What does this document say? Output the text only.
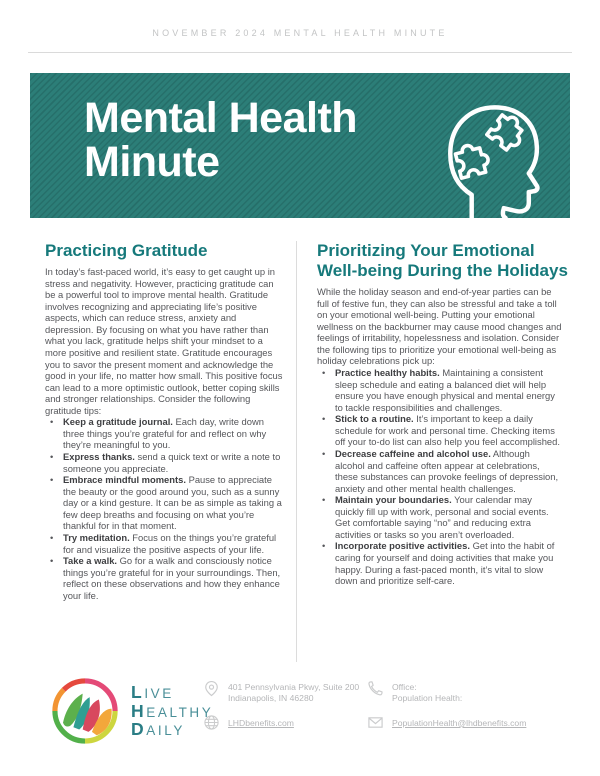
NOVEMBER 2024 MENTAL HEALTH MINUTE
Mental Health
Minute
Practicing Gratitude

In today’s fast-paced world, it’s easy to get caught up in stress and negativity. However, practicing gratitude can be a powerful tool to improve mental health. Gratitude involves recognizing and appreciating life’s positive aspects, which can reduce stress, anxiety and depression. By focusing on what you have rather than what you lack, gratitude helps shift your mindset to a more positive and resilient state. Gratitude encourages you to savor the present moment and acknowledge the good in your life, no matter how small. This positive focus can lead to a more optimistic outlook, better coping skills and stronger relationships. Consider the following gratitude tips:

• Keep a gratitude journal. Each day, write down three things you’re grateful for and reflect on why they’re meaningful to you.
• Express thanks. send a quick text or write a note to someone you appreciate.
• Embrace mindful moments. Pause to appreciate the beauty or the good around you, such as a sunny day or a kind gesture. It can be as simple as taking a few deep breaths and focusing on what you’re thankful for in that moment.
• Try meditation. Focus on the things you’re grateful for and visualize the positive aspects of your life.
• Take a walk. Go for a walk and consciously notice things you’re grateful for in your surroundings. Then, reflect on these observations and how they enhance your life.
Prioritizing Your Emotional Well-being During the Holidays

While the holiday season and end-of-year parties can be full of festive fun, they can also be stressful and take a toll on your emotional well-being. Putting your emotional wellness on the backburner may cause mood changes and feelings of irritability, hopelessness and isolation. Consider the following tips to prioritize your emotional well-being as holiday celebrations pick up:

• Practice healthy habits. Maintaining a consistent sleep schedule and eating a balanced diet will help ensure you have enough physical and mental energy to tackle responsibilities and challenges.
• Stick to a routine. It’s important to keep a daily schedule for work and personal time. Checking items off your to-do list can also help you feel accomplished.
• Decrease caffeine and alcohol use. Although alcohol and caffeine often appear at celebrations, these substances can provoke feelings of depression, anxiety and other mental health challenges.
• Maintain your boundaries. Your calendar may quickly fill up with work, personal and social events. Get comfortable saying “no” and reducing extra activities or tasks so you aren’t overloaded.
• Incorporate positive activities. Get into the habit of caring for yourself and doing activities that make you happy. During a fast-paced month, it’s vital to slow down and prioritize self-care.
LIVE
HEALTHY
DAILY
401 Pennsylvania Pkwy, Suite 200
Indianapolis, IN 46280
LHDbenefits.com
Office:
Population Health:
PopulationHealth@lhdbenefits.com
